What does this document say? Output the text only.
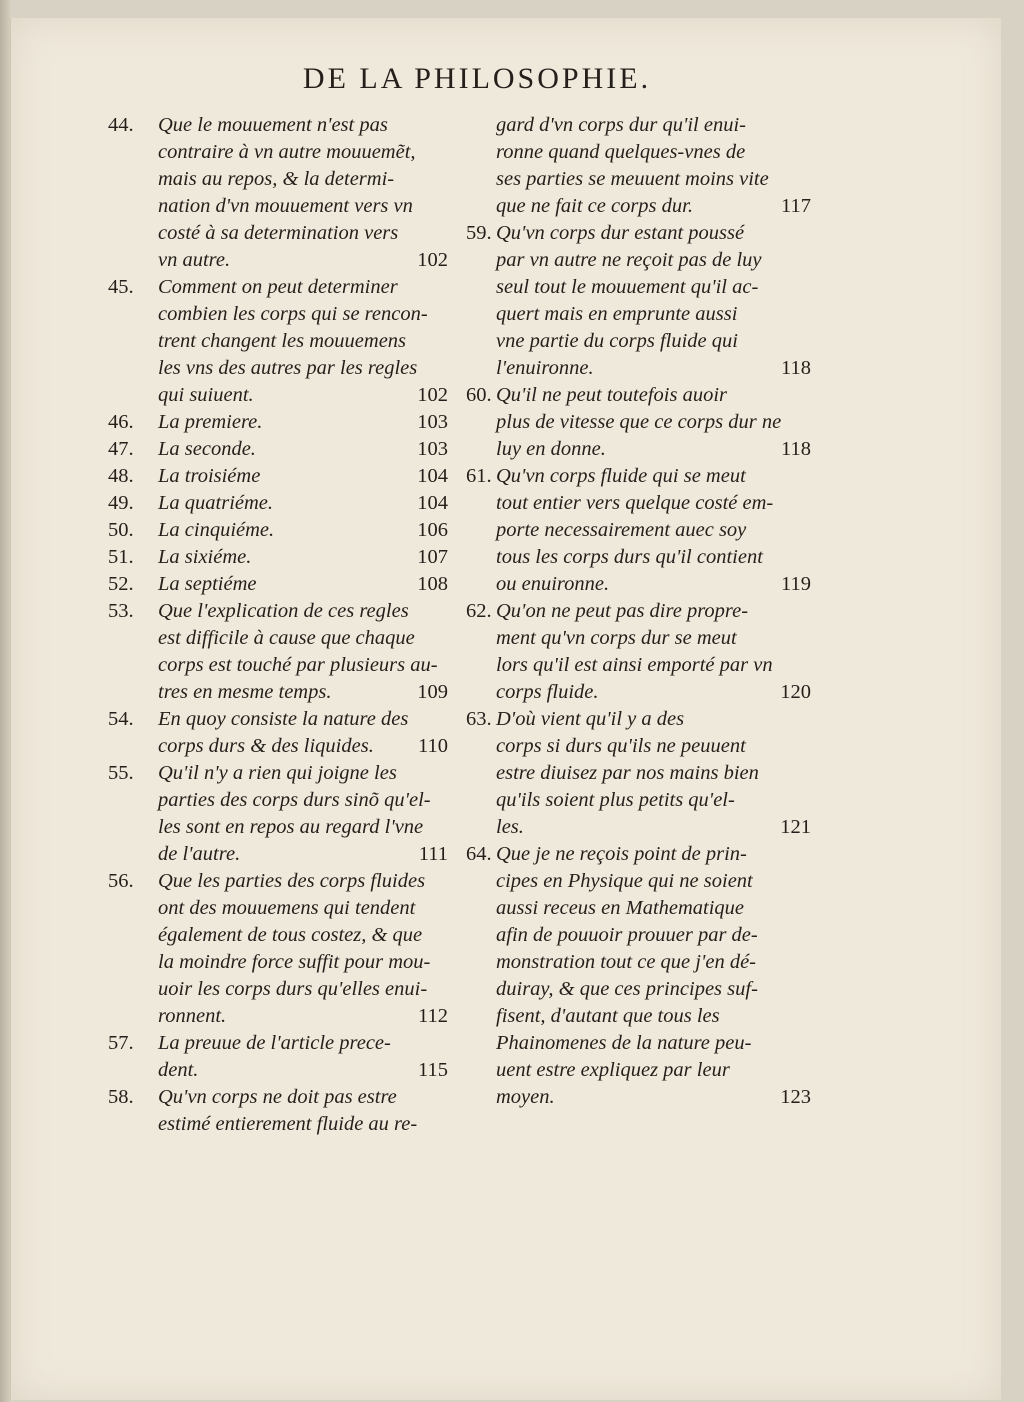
DE LA PHILOSOPHIE.
44.	Que le mouuement n'est pas
contraire à vn autre mouuemẽt,
mais au repos, & la determi-
nation d'vn mouuement vers vn
costé à sa determination vers
vn autre.	102
45.	Comment on peut determiner
combien les corps qui se rencon-
trent changent les mouuemens
les vns des autres par les regles
qui suiuent.	102
46.	La premiere.	103
47.	La seconde.	103
48.	La troisiéme	104
49.	La quatriéme.	104
50.	La cinquiéme.	106
51.	La sixiéme.	107
52.	La septiéme	108
53.	Que l'explication de ces regles
est difficile à cause que chaque
corps est touché par plusieurs au-
tres en mesme temps.	109
54.	En quoy consiste la nature des
corps durs & des liquides.	110
55.	Qu'il n'y a rien qui joigne les
parties des corps durs sinõ qu'el-
les sont en repos au regard l'vne
de l'autre.	111
56.	Que les parties des corps fluides
ont des mouuemens qui tendent
également de tous costez, & que
la moindre force suffit pour mou-
uoir les corps durs qu'elles enui-
ronnent.	112
57.	La preuue de l'article prece-
dent.	115
58.	Qu'vn corps ne doit pas estre
estimé entierement fluide au re-
gard d'vn corps dur qu'il enui-
ronne quand quelques-vnes de
ses parties se meuuent moins vite
que ne fait ce corps dur.	117
59. Qu'vn corps dur estant poussé
par vn autre ne reçoit pas de luy
seul tout le mouuement qu'il ac-
quert mais en emprunte aussi
vne partie du corps fluide qui
l'enuironne.	118
60. Qu'il ne peut toutefois auoir
plus de vitesse que ce corps dur ne
luy en donne.	118
61. Qu'vn corps fluide qui se meut
tout entier vers quelque costé em-
porte necessairement auec soy
tous les corps durs qu'il contient
ou enuironne.	119
62. Qu'on ne peut pas dire propre-
ment qu'vn corps dur se meut
lors qu'il est ainsi emporté par vn
corps fluide.	120
63. D'où vient qu'il y a des
corps si durs qu'ils ne peuuent
estre diuisez par nos mains bien
qu'ils soient plus petits qu'el-
les.	121
64. Que je ne reçois point de prin-
cipes en Physique qui ne soient
aussi receus en Mathematique
afin de pouuoir prouuer par de-
monstration tout ce que j'en dé-
duiray, & que ces principes suf-
fisent, d'autant que tous les
Phainomenes de la nature peu-
uent estre expliquez par leur
moyen.	123
